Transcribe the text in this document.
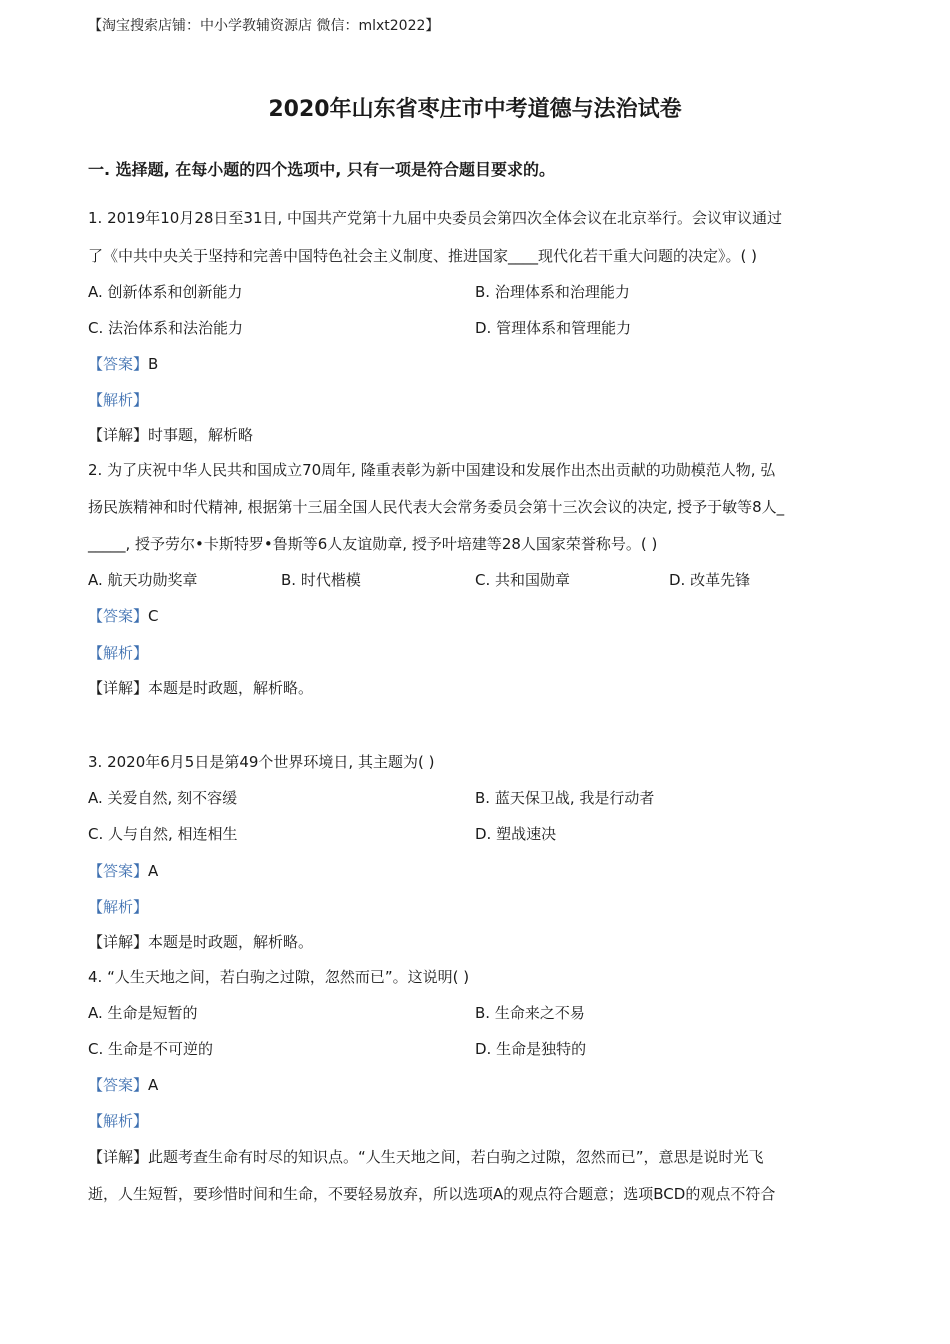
【淘宝搜索店铺：中小学教辅资源店 微信：mlxt2022】
2020年山东省枣庄市中考道德与法治试卷
一. 选择题, 在每小题的四个选项中, 只有一项是符合题目要求的。
1. 2019年10月28日至31日, 中国共产党第十九届中央委员会第四次全体会议在北京举行。会议审议通过
了《中共中央关于坚持和完善中国特色社会主义制度、推进国家____现代化若干重大问题的决定》。( )
A. 创新体系和创新能力	B. 治理体系和治理能力
C. 法治体系和法治能力	D. 管理体系和管理能力
【答案】B
【解析】
【详解】时事题，解析略
2. 为了庆祝中华人民共和国成立70周年, 隆重表彰为新中国建设和发展作出杰出贡献的功勋模范人物, 弘
扬民族精神和时代精神, 根据第十三届全国人民代表大会常务委员会第十三次会议的决定, 授予于敏等8人_
_____, 授予劳尔•卡斯特罗•鲁斯等6人友谊勋章, 授予叶培建等28人国家荣誉称号。( )
A. 航天功勋奖章	B. 时代楷模	C. 共和国勋章	D. 改革先锋
【答案】C
【解析】
【详解】本题是时政题，解析略。
3. 2020年6月5日是第49个世界环境日, 其主题为( )
A. 关爱自然, 刻不容缓	B. 蓝天保卫战, 我是行动者
C. 人与自然, 相连相生	D. 塑战速决
【答案】A
【解析】
【详解】本题是时政题，解析略。
4. “人生天地之间，若白驹之过隙，忽然而已”。这说明( )
A. 生命是短暂的	B. 生命来之不易
C. 生命是不可逆的	D. 生命是独特的
【答案】A
【解析】
【详解】此题考查生命有时尽的知识点。“人生天地之间，若白驹之过隙，忽然而已”，意思是说时光飞
逝，人生短暂，要珍惜时间和生命，不要轻易放弃，所以选项A的观点符合题意；选项BCD的观点不符合
